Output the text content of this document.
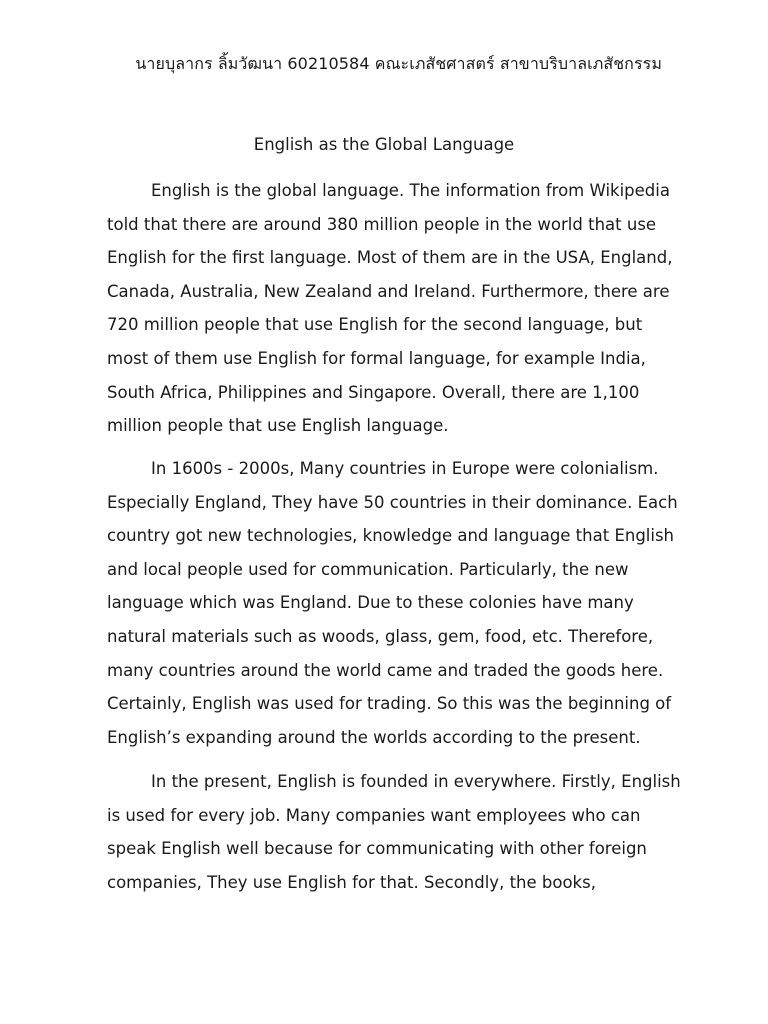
นายบุลากร ลิ้มวัฒนา 60210584 คณะเภสัชศาสตร์ สาขาบริบาลเภสัชกรรม
English as the Global Language
English is the global language. The information from Wikipedia
told that there are around 380 million people in the world that use
English for the first language. Most of them are in the USA, England,
Canada, Australia, New Zealand and Ireland. Furthermore, there are
720 million people that use English for the second language, but
most of them use English for formal language, for example India,
South Africa, Philippines and Singapore. Overall, there are 1,100
million people that use English language.
In 1600s - 2000s, Many countries in Europe were colonialism.
Especially England, They have 50 countries in their dominance. Each
country got new technologies, knowledge and language that English
and local people used for communication. Particularly, the new
language which was England. Due to these colonies have many
natural materials such as woods, glass, gem, food, etc. Therefore,
many countries around the world came and traded the goods here.
Certainly, English was used for trading. So this was the beginning of
English’s expanding around the worlds according to the present.
In the present, English is founded in everywhere. Firstly, English
is used for every job. Many companies want employees who can
speak English well because for communicating with other foreign
companies, They use English for that. Secondly, the books,
